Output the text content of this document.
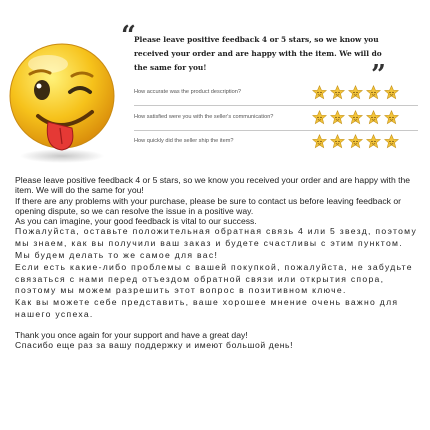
“

Please leave positive feedback 4 or 5 stars, so we know you received your order and are happy with the item. We will do the same for you!	”
How accurate was the product description?
How satisfied were you with the seller's communication?
How quickly did the seller ship the item?

Please leave positive feedback 4 or 5 stars, so we know you received your order and are happy with the item. We will do the same for you!

If there are any problems with your purchase, please be sure to contact us before leaving feedback or opening dispute, so we can resolve the issue in a positive way.

As you can imagine, your good feedback is vital to our success.

Пожалуйста, оставьте положительная обратная связь 4 или 5 звезд, поэтому мы знаем, как вы получили ваш заказ и будете счастливы с этим пунктом. Мы будем делать то же самое для вас!

Если есть какие-либо проблемы с вашей покупкой, пожалуйста, не забудьте связаться с нами перед отъездом обратной связи или открытия спора, поэтому мы можем разрешить этот вопрос в позитивном ключе.

Как вы можете себе представить, ваше хорошее мнение очень важно для нашего успеха.

Thank you once again for your support and have a great day!

Спасибо еще раз за вашу поддержку и имеют большой день!
